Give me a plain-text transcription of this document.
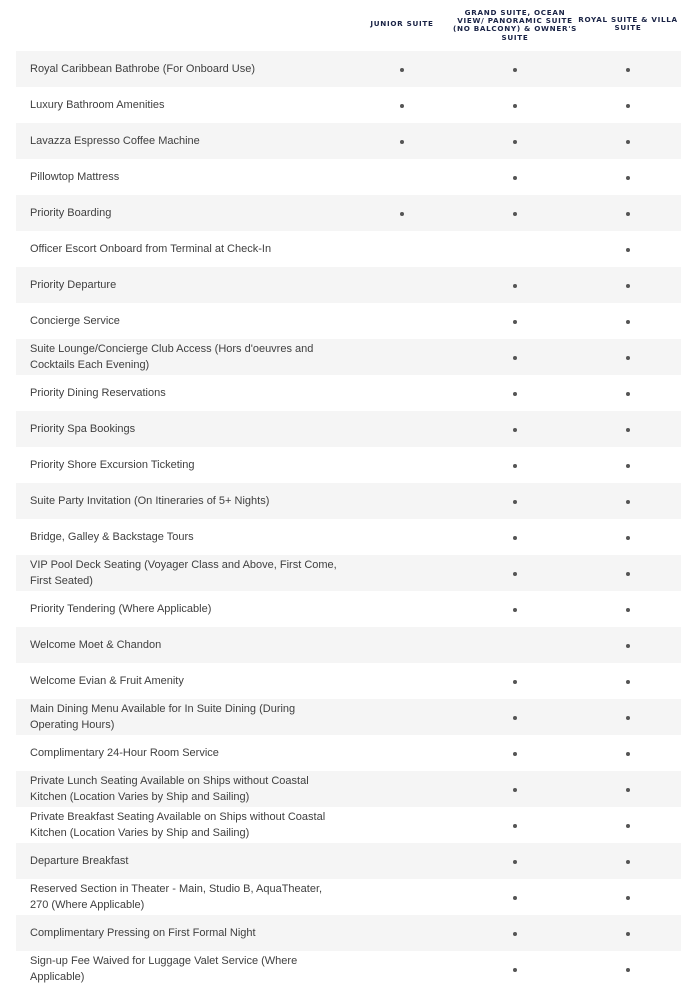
JUNIOR SUITE
GRAND SUITE, OCEAN VIEW/ PANORAMIC SUITE (NO BALCONY) & OWNER'S SUITE
ROYAL SUITE & VILLA SUITE
Royal Caribbean Bathrobe (For Onboard Use)
Luxury Bathroom Amenities
Lavazza Espresso Coffee Machine
Pillowtop Mattress
Priority Boarding
Officer Escort Onboard from Terminal at Check-In
Priority Departure
Concierge Service
Suite Lounge/Concierge Club Access (Hors d'oeuvres and Cocktails Each Evening)
Priority Dining Reservations
Priority Spa Bookings
Priority Shore Excursion Ticketing
Suite Party Invitation (On Itineraries of 5+ Nights)
Bridge, Galley & Backstage Tours
VIP Pool Deck Seating (Voyager Class and Above, First Come, First Seated)
Priority Tendering (Where Applicable)
Welcome Moet & Chandon
Welcome Evian & Fruit Amenity
Main Dining Menu Available for In Suite Dining (During Operating Hours)
Complimentary 24-Hour Room Service
Private Lunch Seating Available on Ships without Coastal Kitchen (Location Varies by Ship and Sailing)
Private Breakfast Seating Available on Ships without Coastal Kitchen (Location Varies by Ship and Sailing)
Departure Breakfast
Reserved Section in Theater - Main, Studio B, AquaTheater, 270 (Where Applicable)
Complimentary Pressing on First Formal Night
Sign-up Fee Waived for Luggage Valet Service (Where Applicable)
